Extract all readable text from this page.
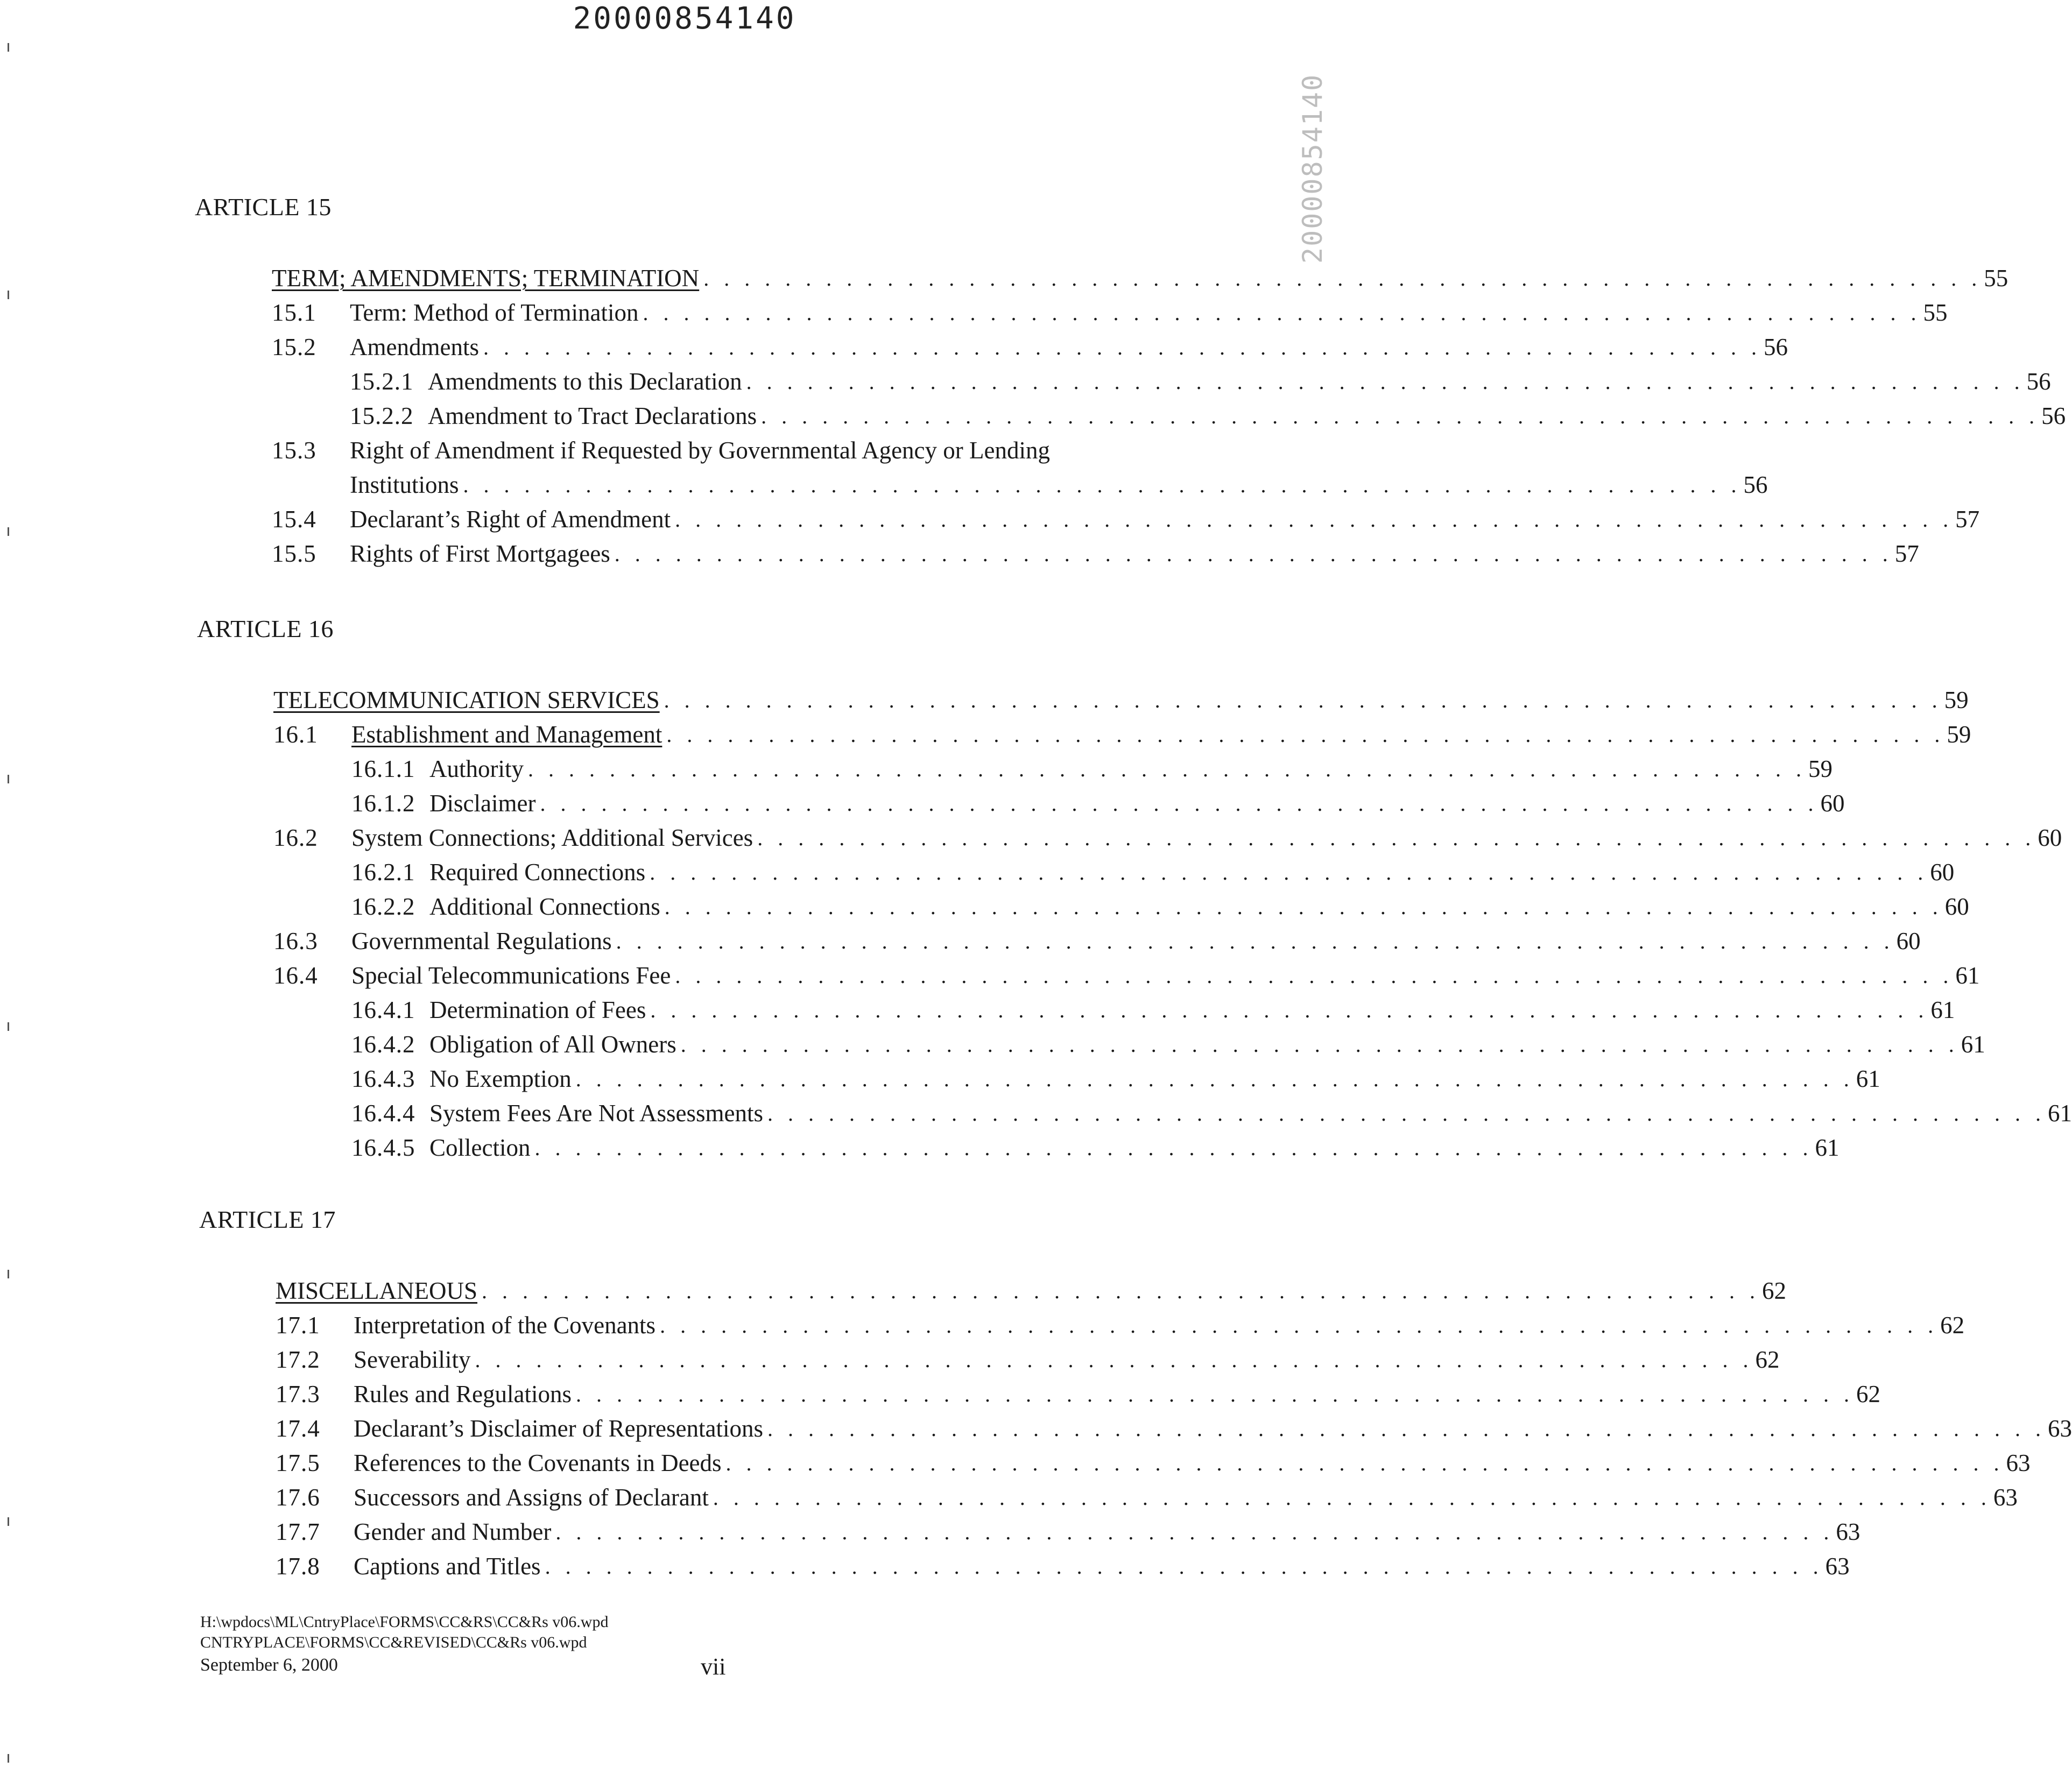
20000854140
20000854140
ARTICLE 15
TERM; AMENDMENTS; TERMINATION . . . . . . . . . . . . . . . . . . . . . . . . . . . . . . . . . . . . . . . . . . . . . . . . . . . . . . . . . . . . . . . 55
15.1 Term: Method of Termination . . . . . . . . . . . . . . . . . . . . . . . . . . . . . . . . . . . . . . . . . . . . . . . . . . . . . . . . . . . . . . . 55
15.2 Amendments . . . . . . . . . . . . . . . . . . . . . . . . . . . . . . . . . . . . . . . . . . . . . . . . . . . . . . . . . . . . . . . 56
15.2.1 Amendments to this Declaration . . . . . . . . . . . . . . . . . . . . . . . . . . . . . . . . . . . . . . . . . . . . . . . . . . . . . . . . . . . . . . . 56
15.2.2 Amendment to Tract Declarations . . . . . . . . . . . . . . . . . . . . . . . . . . . . . . . . . . . . . . . . . . . . . . . . . . . . . . . . . . . . . . . 56
15.3 Right of Amendment if Requested by Governmental Agency or Lending
Institutions . . . . . . . . . . . . . . . . . . . . . . . . . . . . . . . . . . . . . . . . . . . . . . . . . . . . . . . . . . . . . . . 56
15.4 Declarant’s Right of Amendment . . . . . . . . . . . . . . . . . . . . . . . . . . . . . . . . . . . . . . . . . . . . . . . . . . . . . . . . . . . . . . . 57
15.5 Rights of First Mortgagees . . . . . . . . . . . . . . . . . . . . . . . . . . . . . . . . . . . . . . . . . . . . . . . . . . . . . . . . . . . . . . . 57
ARTICLE 16
TELECOMMUNICATION SERVICES . . . . . . . . . . . . . . . . . . . . . . . . . . . . . . . . . . . . . . . . . . . . . . . . . . . . . . . . . . . . . . . 59
16.1 Establishment and Management . . . . . . . . . . . . . . . . . . . . . . . . . . . . . . . . . . . . . . . . . . . . . . . . . . . . . . . . . . . . . . . 59
16.1.1 Authority . . . . . . . . . . . . . . . . . . . . . . . . . . . . . . . . . . . . . . . . . . . . . . . . . . . . . . . . . . . . . . . 59
16.1.2 Disclaimer . . . . . . . . . . . . . . . . . . . . . . . . . . . . . . . . . . . . . . . . . . . . . . . . . . . . . . . . . . . . . . . 60
16.2 System Connections; Additional Services . . . . . . . . . . . . . . . . . . . . . . . . . . . . . . . . . . . . . . . . . . . . . . . . . . . . . . . . . . . . . . . 60
16.2.1 Required Connections . . . . . . . . . . . . . . . . . . . . . . . . . . . . . . . . . . . . . . . . . . . . . . . . . . . . . . . . . . . . . . . 60
16.2.2 Additional Connections . . . . . . . . . . . . . . . . . . . . . . . . . . . . . . . . . . . . . . . . . . . . . . . . . . . . . . . . . . . . . . . 60
16.3 Governmental Regulations . . . . . . . . . . . . . . . . . . . . . . . . . . . . . . . . . . . . . . . . . . . . . . . . . . . . . . . . . . . . . . . 60
16.4 Special Telecommunications Fee . . . . . . . . . . . . . . . . . . . . . . . . . . . . . . . . . . . . . . . . . . . . . . . . . . . . . . . . . . . . . . . 61
16.4.1 Determination of Fees . . . . . . . . . . . . . . . . . . . . . . . . . . . . . . . . . . . . . . . . . . . . . . . . . . . . . . . . . . . . . . . 61
16.4.2 Obligation of All Owners . . . . . . . . . . . . . . . . . . . . . . . . . . . . . . . . . . . . . . . . . . . . . . . . . . . . . . . . . . . . . . . 61
16.4.3 No Exemption . . . . . . . . . . . . . . . . . . . . . . . . . . . . . . . . . . . . . . . . . . . . . . . . . . . . . . . . . . . . . . . 61
16.4.4 System Fees Are Not Assessments . . . . . . . . . . . . . . . . . . . . . . . . . . . . . . . . . . . . . . . . . . . . . . . . . . . . . . . . . . . . . . . 61
16.4.5 Collection . . . . . . . . . . . . . . . . . . . . . . . . . . . . . . . . . . . . . . . . . . . . . . . . . . . . . . . . . . . . . . . 61
ARTICLE 17
MISCELLANEOUS . . . . . . . . . . . . . . . . . . . . . . . . . . . . . . . . . . . . . . . . . . . . . . . . . . . . . . . . . . . . . . . 62
17.1 Interpretation of the Covenants . . . . . . . . . . . . . . . . . . . . . . . . . . . . . . . . . . . . . . . . . . . . . . . . . . . . . . . . . . . . . . . 62
17.2 Severability . . . . . . . . . . . . . . . . . . . . . . . . . . . . . . . . . . . . . . . . . . . . . . . . . . . . . . . . . . . . . . . 62
17.3 Rules and Regulations . . . . . . . . . . . . . . . . . . . . . . . . . . . . . . . . . . . . . . . . . . . . . . . . . . . . . . . . . . . . . . . 62
17.4 Declarant’s Disclaimer of Representations . . . . . . . . . . . . . . . . . . . . . . . . . . . . . . . . . . . . . . . . . . . . . . . . . . . . . . . . . . . . . . . 63
17.5 References to the Covenants in Deeds . . . . . . . . . . . . . . . . . . . . . . . . . . . . . . . . . . . . . . . . . . . . . . . . . . . . . . . . . . . . . . . 63
17.6 Successors and Assigns of Declarant . . . . . . . . . . . . . . . . . . . . . . . . . . . . . . . . . . . . . . . . . . . . . . . . . . . . . . . . . . . . . . . 63
17.7 Gender and Number . . . . . . . . . . . . . . . . . . . . . . . . . . . . . . . . . . . . . . . . . . . . . . . . . . . . . . . . . . . . . . . 63
17.8 Captions and Titles . . . . . . . . . . . . . . . . . . . . . . . . . . . . . . . . . . . . . . . . . . . . . . . . . . . . . . . . . . . . . . . 63
H:\wpdocs\ML\CntryPlace\FORMS\CC&RS\CC&Rs v06.wpd
CNTRYPLACE\FORMS\CC&REVISED\CC&Rs v06.wpd
September 6, 2000	vii
